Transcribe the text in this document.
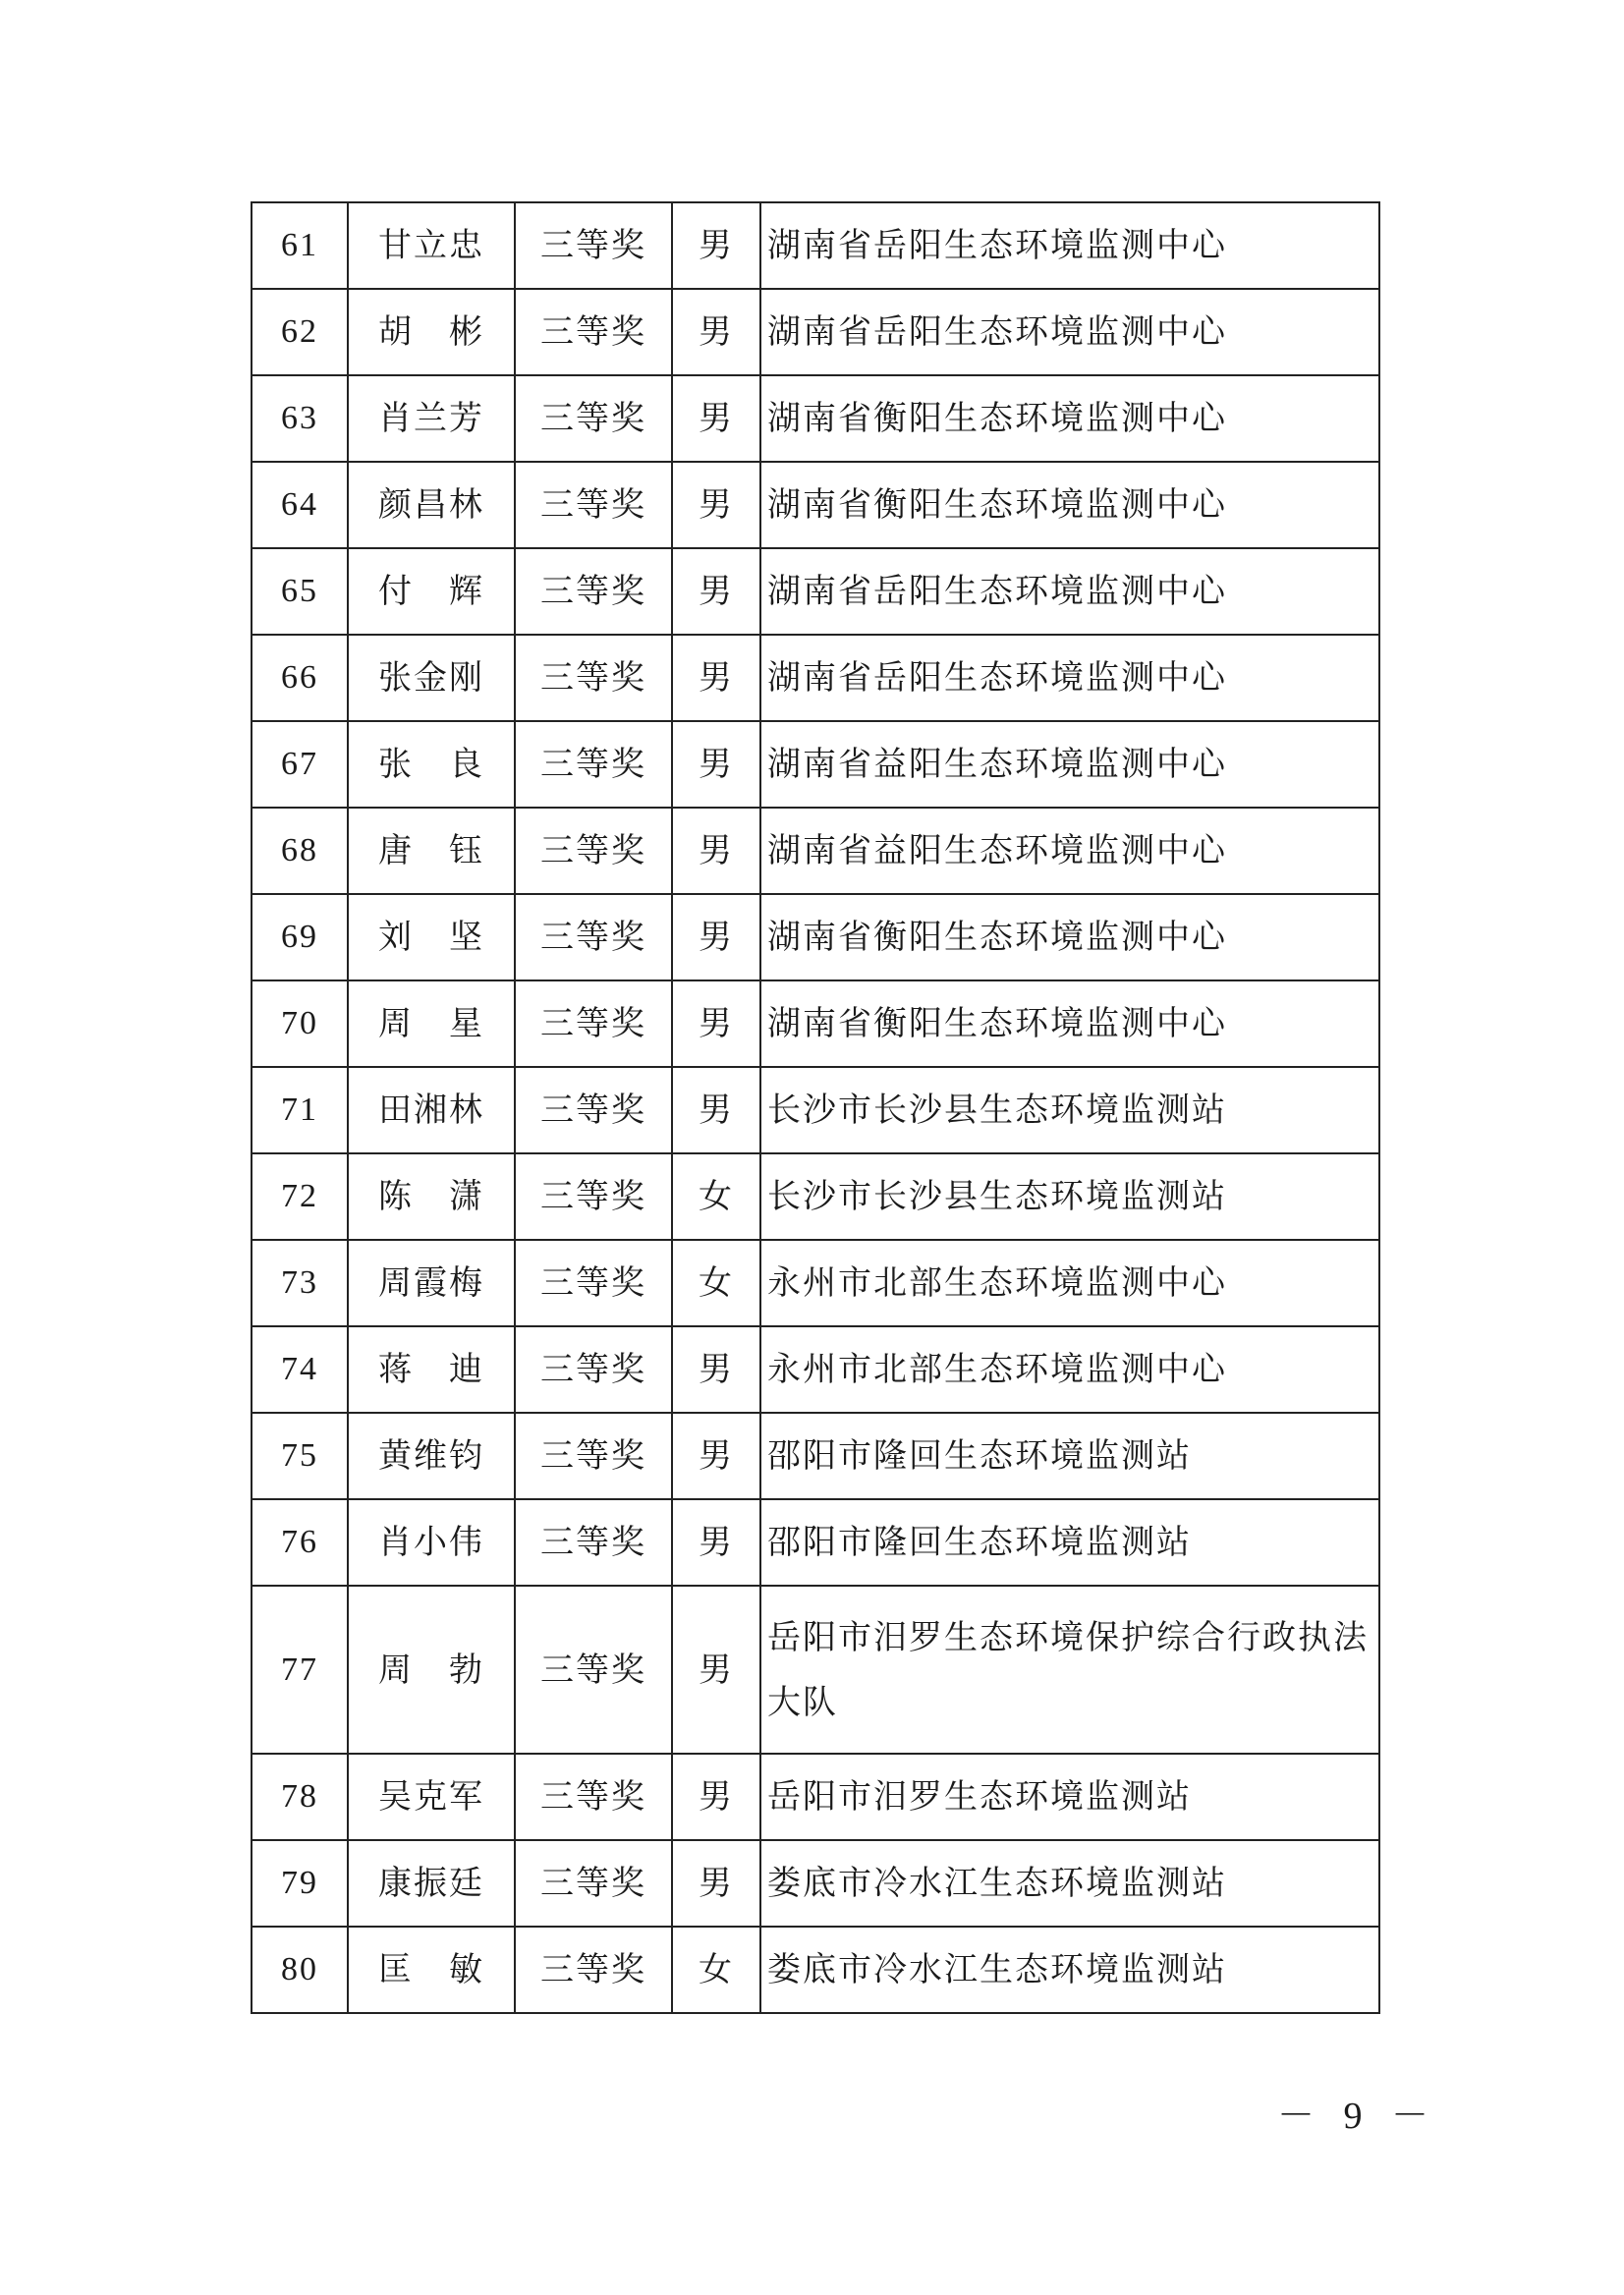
61	甘立忠	三等奖	男	湖南省岳阳生态环境监测中心
62	胡　彬	三等奖	男	湖南省岳阳生态环境监测中心
63	肖兰芳	三等奖	男	湖南省衡阳生态环境监测中心
64	颜昌林	三等奖	男	湖南省衡阳生态环境监测中心
65	付　辉	三等奖	男	湖南省岳阳生态环境监测中心
66	张金刚	三等奖	男	湖南省岳阳生态环境监测中心
67	张　良	三等奖	男	湖南省益阳生态环境监测中心
68	唐　钰	三等奖	男	湖南省益阳生态环境监测中心
69	刘　坚	三等奖	男	湖南省衡阳生态环境监测中心
70	周　星	三等奖	男	湖南省衡阳生态环境监测中心
71	田湘林	三等奖	男	长沙市长沙县生态环境监测站
72	陈　潇	三等奖	女	长沙市长沙县生态环境监测站
73	周霞梅	三等奖	女	永州市北部生态环境监测中心
74	蒋　迪	三等奖	男	永州市北部生态环境监测中心
75	黄维钧	三等奖	男	邵阳市隆回生态环境监测站
76	肖小伟	三等奖	男	邵阳市隆回生态环境监测站
77	周　勃	三等奖	男	岳阳市汨罗生态环境保护综合行政执法大队
78	吴克军	三等奖	男	岳阳市汨罗生态环境监测站
79	康振廷	三等奖	男	娄底市冷水江生态环境监测站
80	匡　敏	三等奖	女	娄底市冷水江生态环境监测站
－ 9 －
